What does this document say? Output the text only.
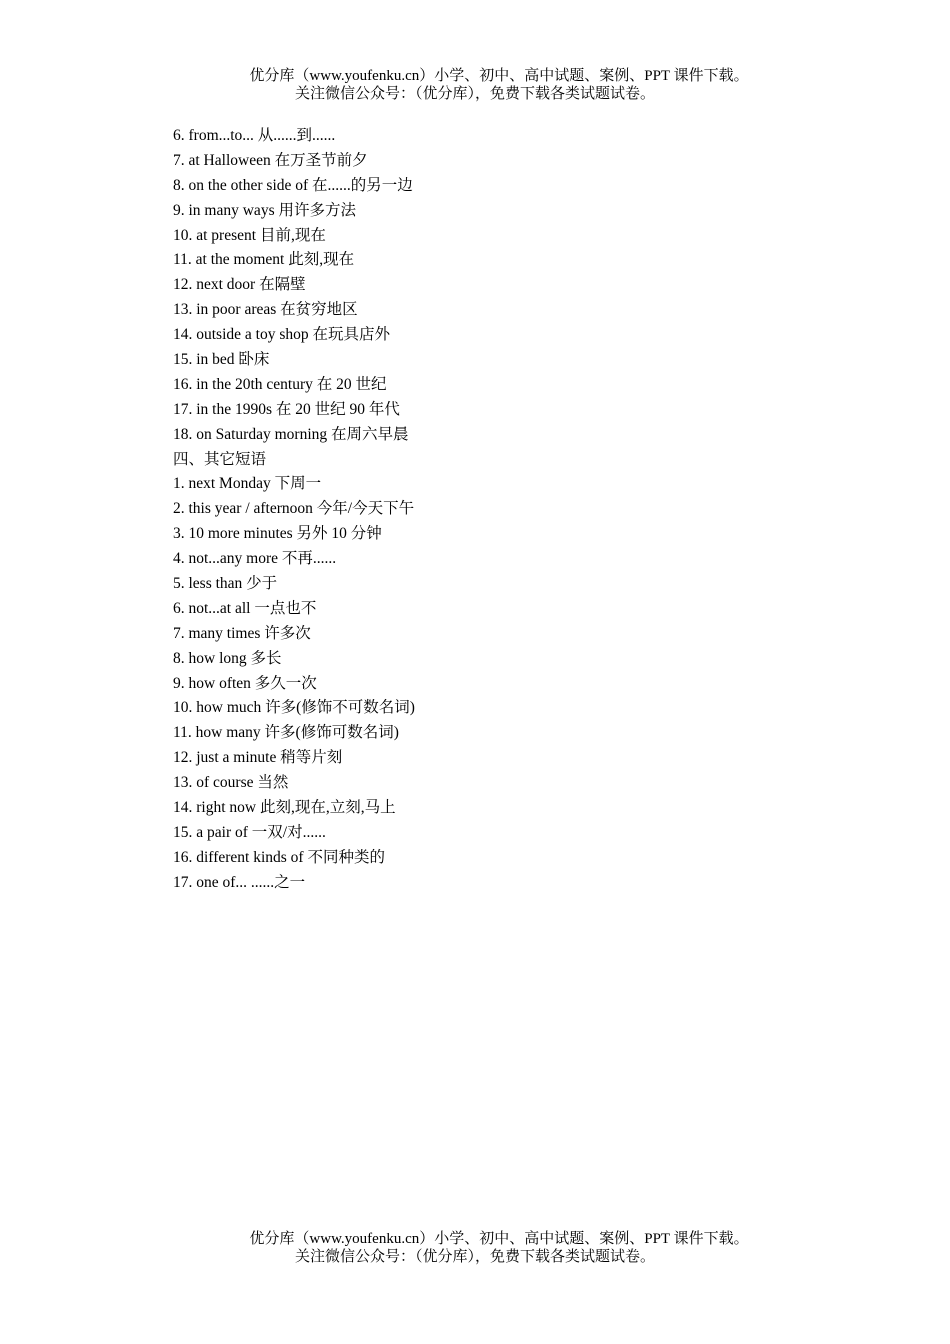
优分库（www.youfenku.cn）小学、初中、高中试题、案例、PPT 课件下载。
关注微信公众号：（优分库），免费下载各类试题试卷。
6. from...to... 从......到......
7. at Halloween 在万圣节前夕
8. on the other side of 在......的另一边
9. in many ways 用许多方法
10. at present 目前,现在
11. at the moment 此刻,现在
12. next door 在隔壁
13. in poor areas 在贫穷地区
14. outside a toy shop 在玩具店外
15. in bed 卧床
16. in the 20th century 在 20 世纪
17. in the 1990s 在 20 世纪 90 年代
18. on Saturday morning 在周六早晨
四、其它短语
1. next Monday 下周一
2. this year / afternoon 今年/今天下午
3. 10 more minutes 另外 10 分钟
4. not...any more 不再......
5. less than 少于
6. not...at all 一点也不
7. many times 许多次
8. how long 多长
9. how often 多久一次
10. how much 许多(修饰不可数名词)
11. how many 许多(修饰可数名词)
12. just a minute 稍等片刻
13. of course 当然
14. right now 此刻,现在,立刻,马上
15. a pair of 一双/对......
16. different kinds of 不同种类的
17. one of... ......之一
优分库（www.youfenku.cn）小学、初中、高中试题、案例、PPT 课件下载。
关注微信公众号：（优分库），免费下载各类试题试卷。
